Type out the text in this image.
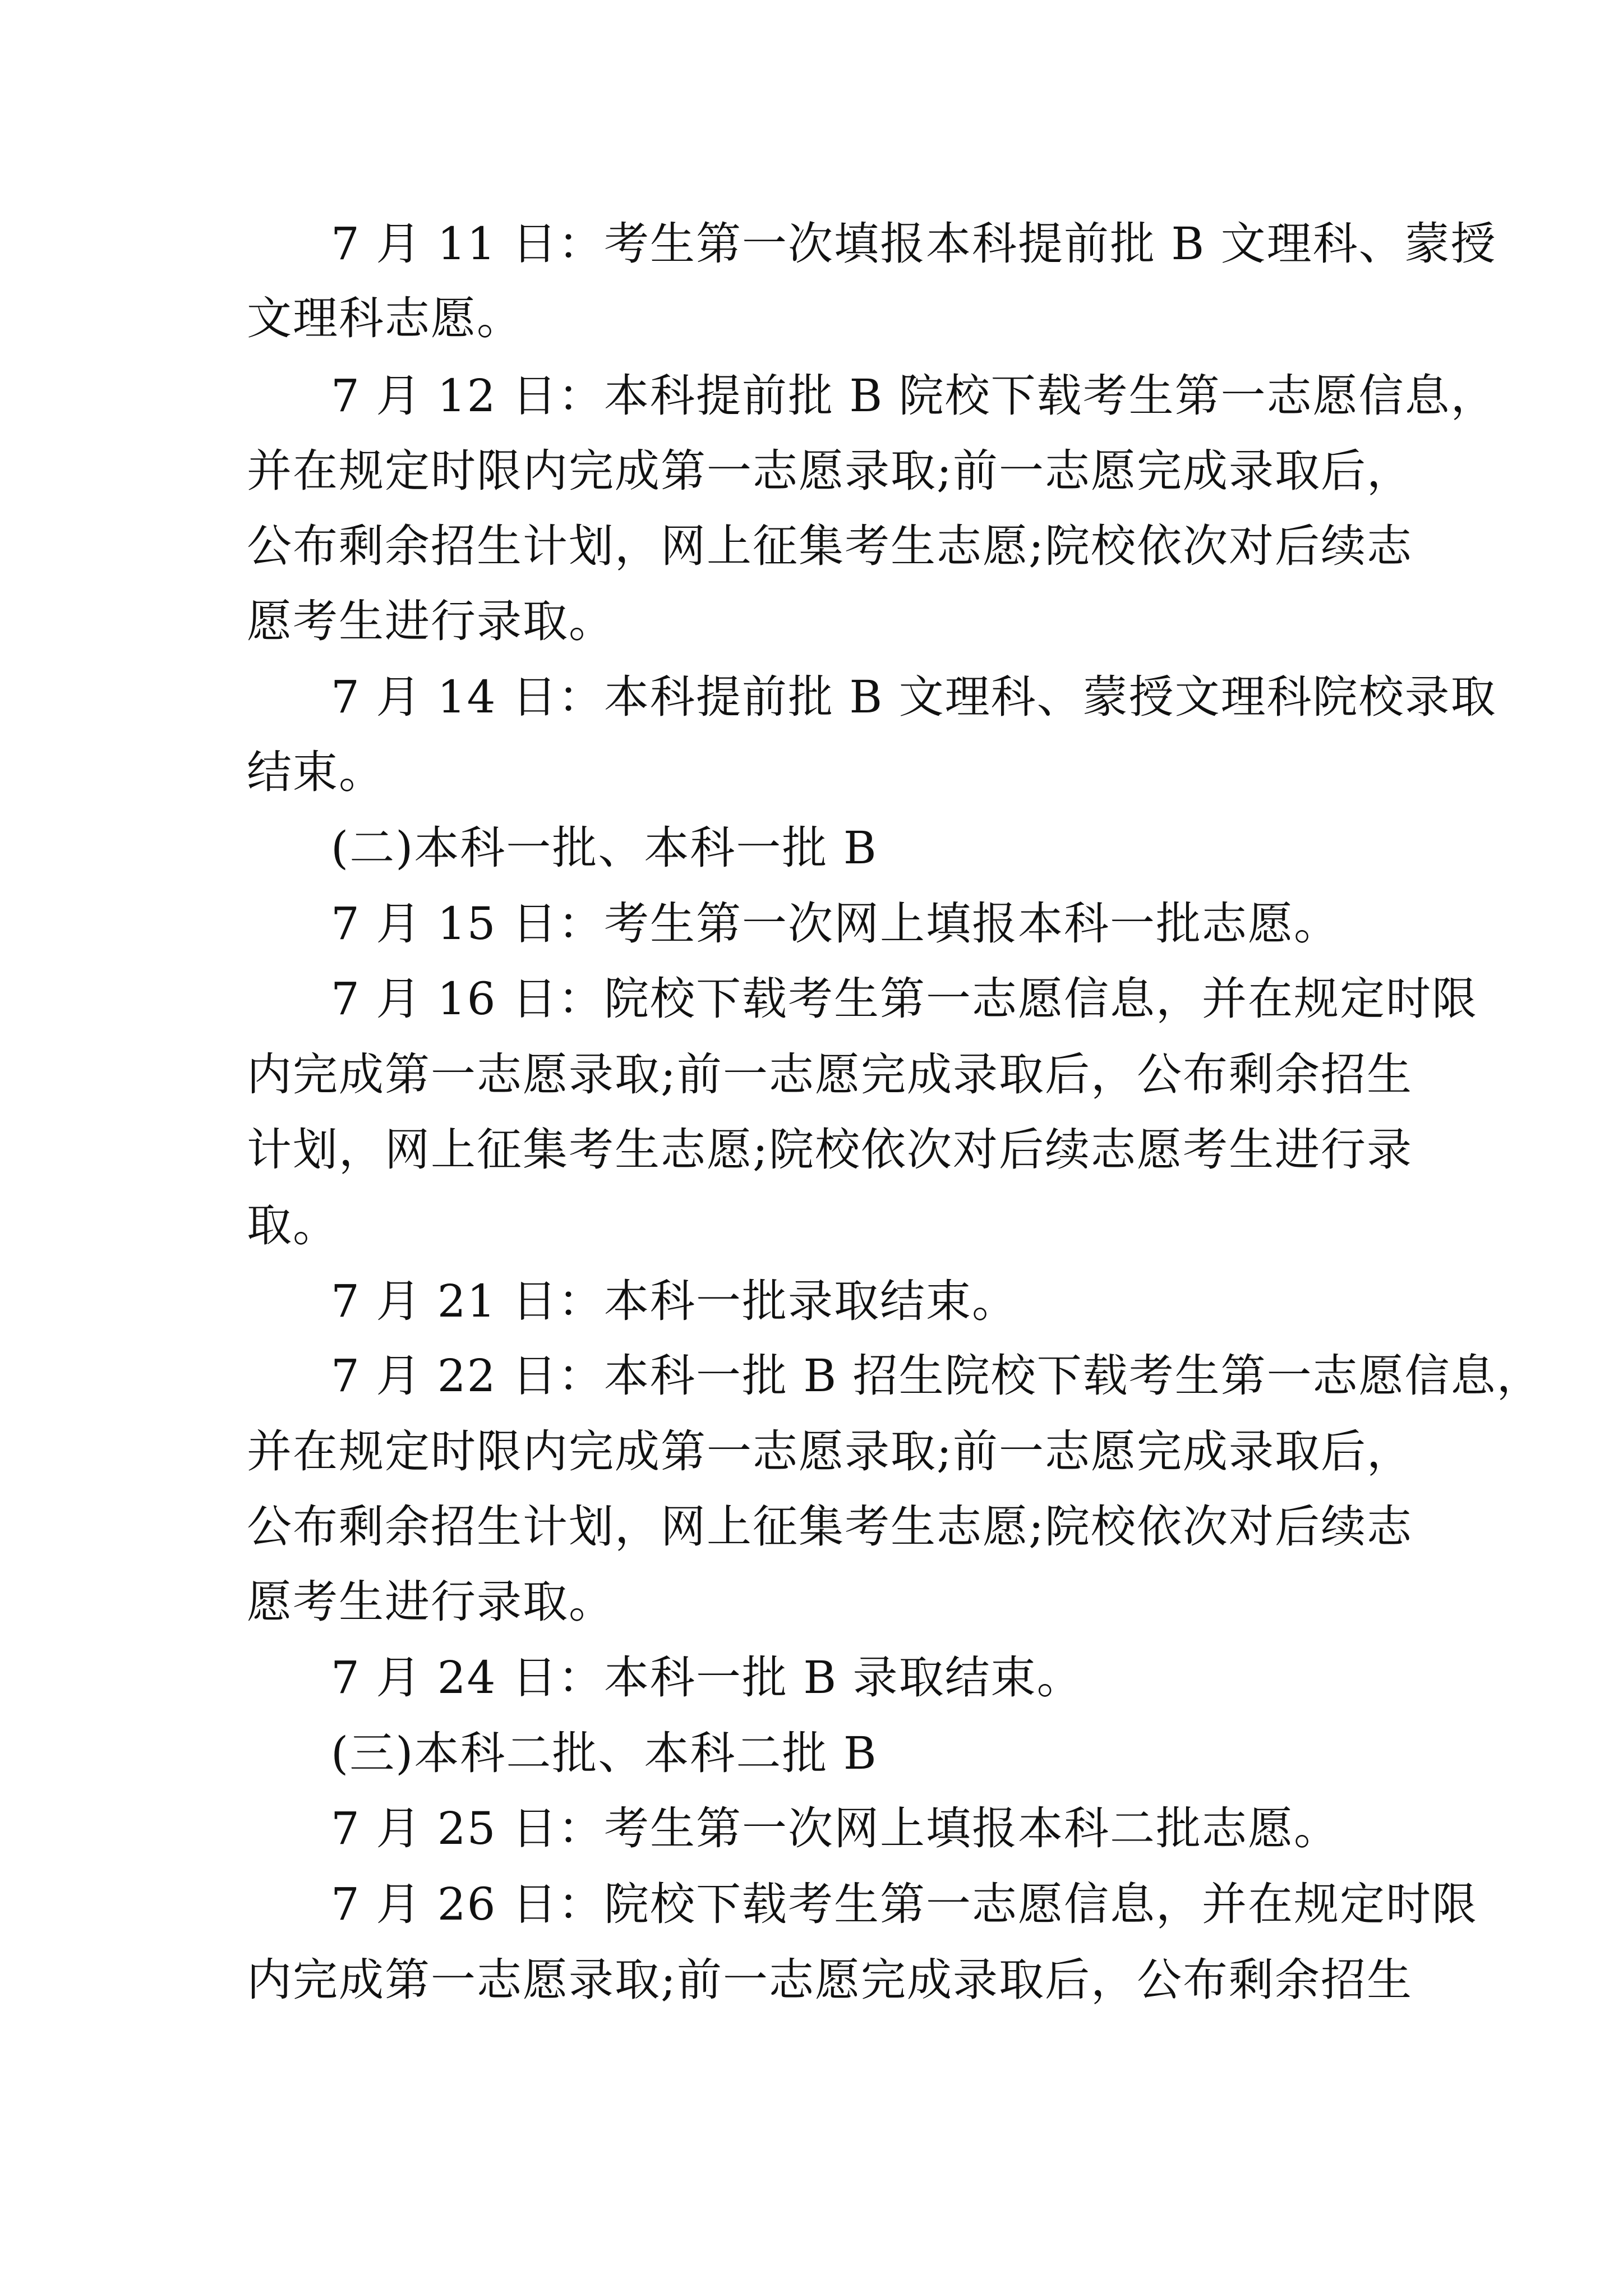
7 月 11 日：考生第一次填报本科提前批 B 文理科、蒙授
文理科志愿。
7 月 12 日：本科提前批 B 院校下载考生第一志愿信息，
并在规定时限内完成第一志愿录取;前一志愿完成录取后，
公布剩余招生计划，网上征集考生志愿;院校依次对后续志
愿考生进行录取。
7 月 14 日：本科提前批 B 文理科、蒙授文理科院校录取
结束。
(二)本科一批、本科一批 B
7 月 15 日：考生第一次网上填报本科一批志愿。
7 月 16 日：院校下载考生第一志愿信息，并在规定时限
内完成第一志愿录取;前一志愿完成录取后，公布剩余招生
计划，网上征集考生志愿;院校依次对后续志愿考生进行录
取。
7 月 21 日：本科一批录取结束。
7 月 22 日：本科一批 B 招生院校下载考生第一志愿信息，
并在规定时限内完成第一志愿录取;前一志愿完成录取后，
公布剩余招生计划，网上征集考生志愿;院校依次对后续志
愿考生进行录取。
7 月 24 日：本科一批 B 录取结束。
(三)本科二批、本科二批 B
7 月 25 日：考生第一次网上填报本科二批志愿。
7 月 26 日：院校下载考生第一志愿信息，并在规定时限
内完成第一志愿录取;前一志愿完成录取后，公布剩余招生
